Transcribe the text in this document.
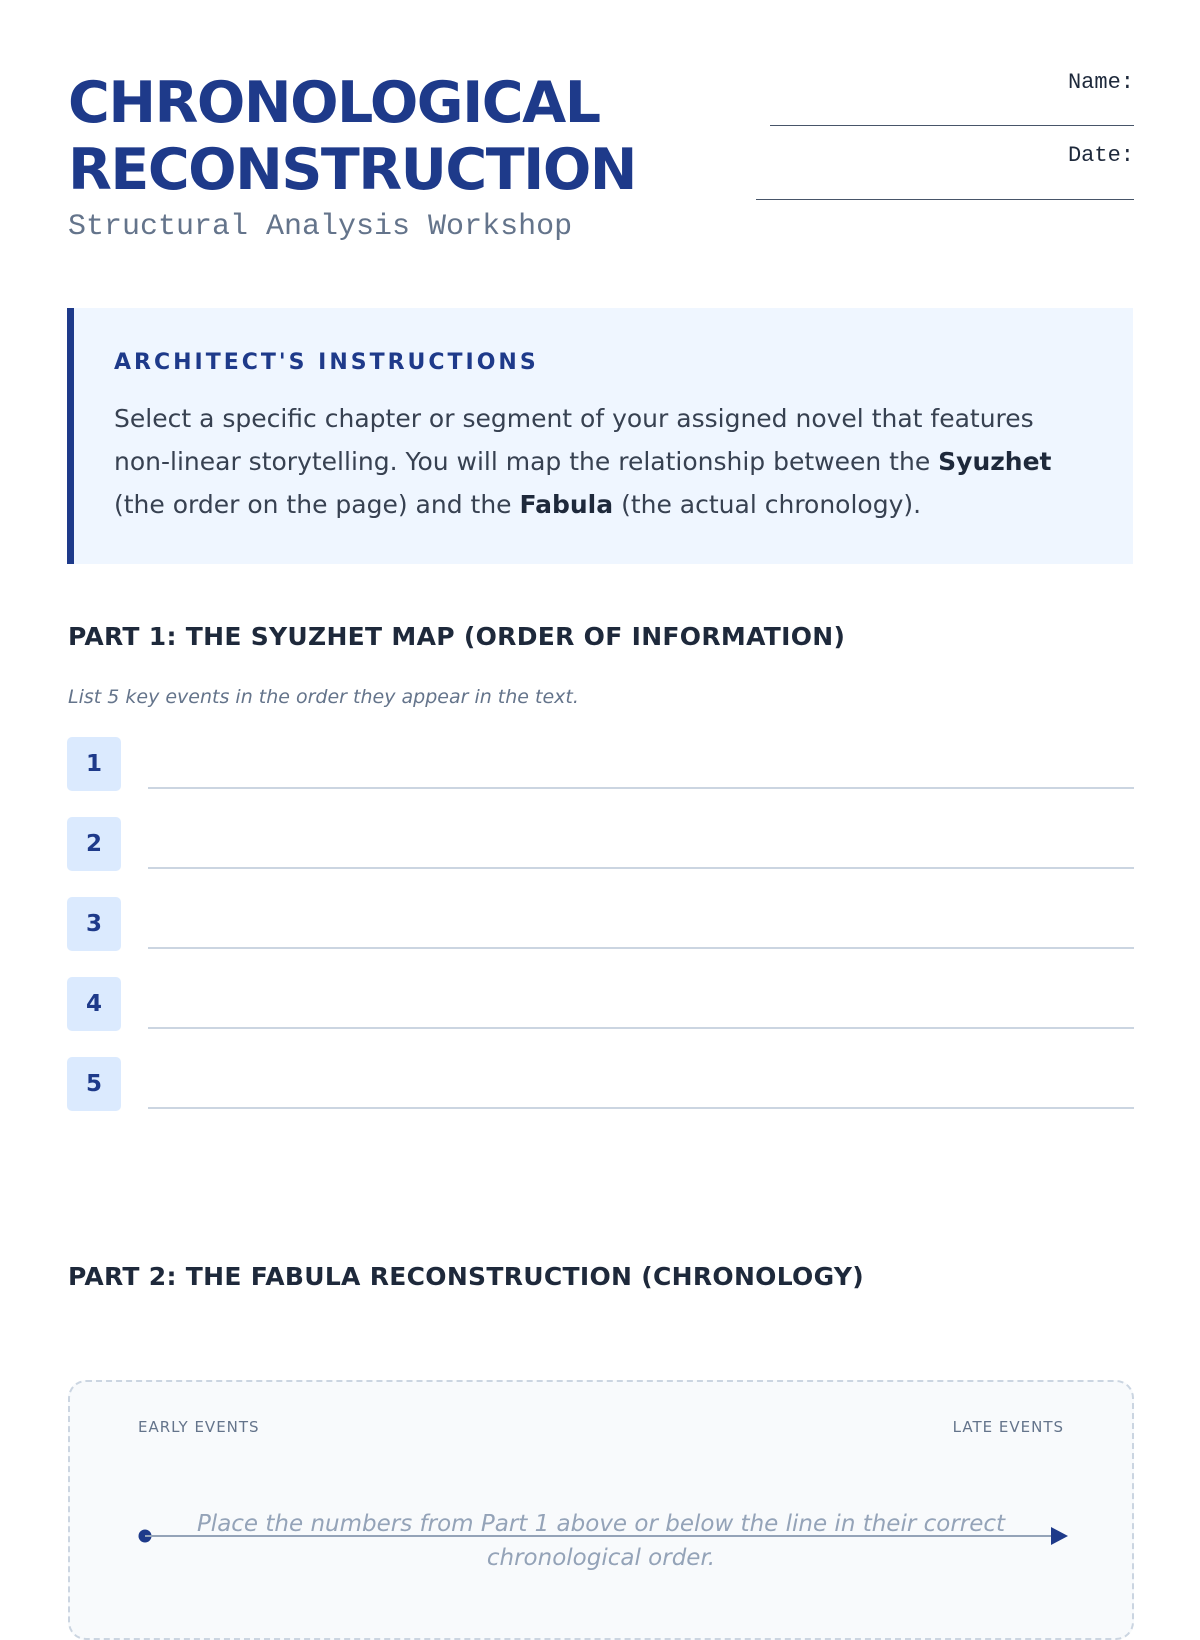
CHRONOLOGICAL
RECONSTRUCTION
Structural Analysis Workshop
Name:
Date:
ARCHITECT'S INSTRUCTIONS

Select a specific chapter or segment of your assigned novel that features non-linear storytelling. You will map the relationship between the Syuzhet (the order on the page) and the Fabula (the actual chronology).

PART 1: THE SYUZHET MAP (ORDER OF INFORMATION)
List 5 key events in the order they appear in the text.
1
2
3
4
5
PART 2: THE FABULA RECONSTRUCTION (CHRONOLOGY)
EARLY EVENTS	LATE EVENTS
Place the numbers from Part 1 above or below the line in their correct chronological order.
